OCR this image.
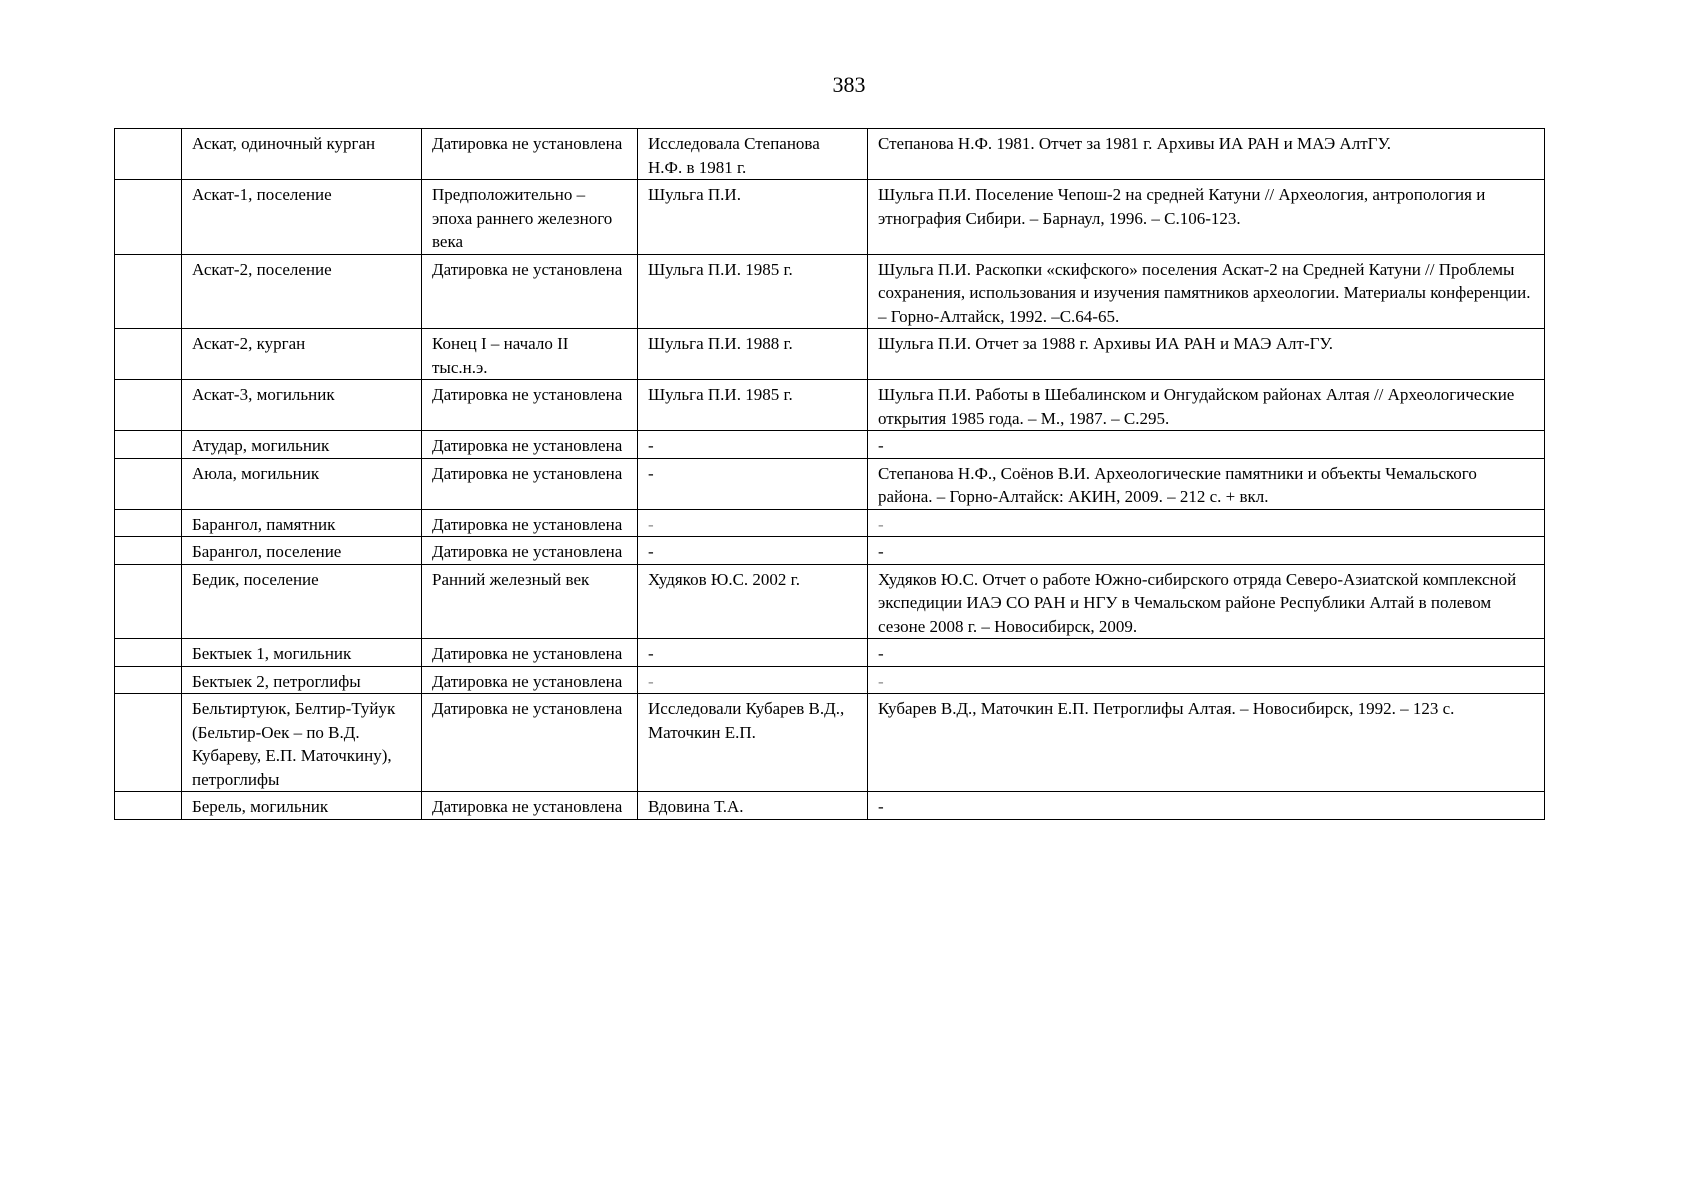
383
	Аскат, одиночный курган	Датировка не установлена	Исследовала Степанова Н.Ф. в 1981 г.	Степанова Н.Ф. 1981. Отчет за 1981 г. Архивы ИА РАН и МАЭ АлтГУ.
	Аскат-1, поселение	Предположительно – эпоха раннего железного века	Шульга П.И.	Шульга П.И. Поселение Чепош-2 на средней Катуни // Археология, антропология и этнография Сибири. – Барнаул, 1996. – С.106-123.
	Аскат-2, поселение	Датировка не установлена	Шульга П.И. 1985 г.	Шульга П.И. Раскопки «скифского» поселения Аскат-2 на Средней Катуни // Проблемы сохранения, использования и изучения памятников археологии. Материалы конференции. – Горно-Алтайск, 1992. –С.64-65.
	Аскат-2, курган	Конец I – начало II тыс.н.э.	Шульга П.И. 1988 г.	Шульга П.И. Отчет за 1988 г. Архивы ИА РАН и МАЭ Алт-ГУ.
	Аскат-3, могильник	Датировка не установлена	Шульга П.И. 1985 г.	Шульга П.И. Работы в Шебалинском и Онгудайском районах Алтая // Археологические открытия 1985 года. – М., 1987. – С.295.
	Атудар, могильник	Датировка не установлена	-	-
	Аюла, могильник	Датировка не установлена	-	Степанова Н.Ф., Соёнов В.И. Археологические памятники и объекты Чемальского района. – Горно-Алтайск: АКИН, 2009. – 212 с. + вкл.
	Барангол, памятник	Датировка не установлена	-	-
	Барангол, поселение	Датировка не установлена	-	-
	Бедик, поселение	Ранний железный век	Худяков Ю.С. 2002 г.	Худяков Ю.С. Отчет о работе Южно-сибирского отряда Северо-Азиатской комплексной экспедиции ИАЭ СО РАН и НГУ в Чемальском районе Республики Алтай в полевом сезоне 2008 г. – Новосибирск, 2009.
	Бектыек 1, могильник	Датировка не установлена	-	-
	Бектыек 2, петроглифы	Датировка не установлена	-	-
	Бельтиртуюк, Белтир-Туйук (Бельтир-Оек – по В.Д. Кубареву, Е.П. Маточкину), петроглифы	Датировка не установлена	Исследовали Кубарев В.Д., Маточкин Е.П.	Кубарев В.Д., Маточкин Е.П. Петроглифы Алтая. – Новосибирск, 1992. – 123 с.
	Берель, могильник	Датировка не установлена	Вдовина Т.А.	-
